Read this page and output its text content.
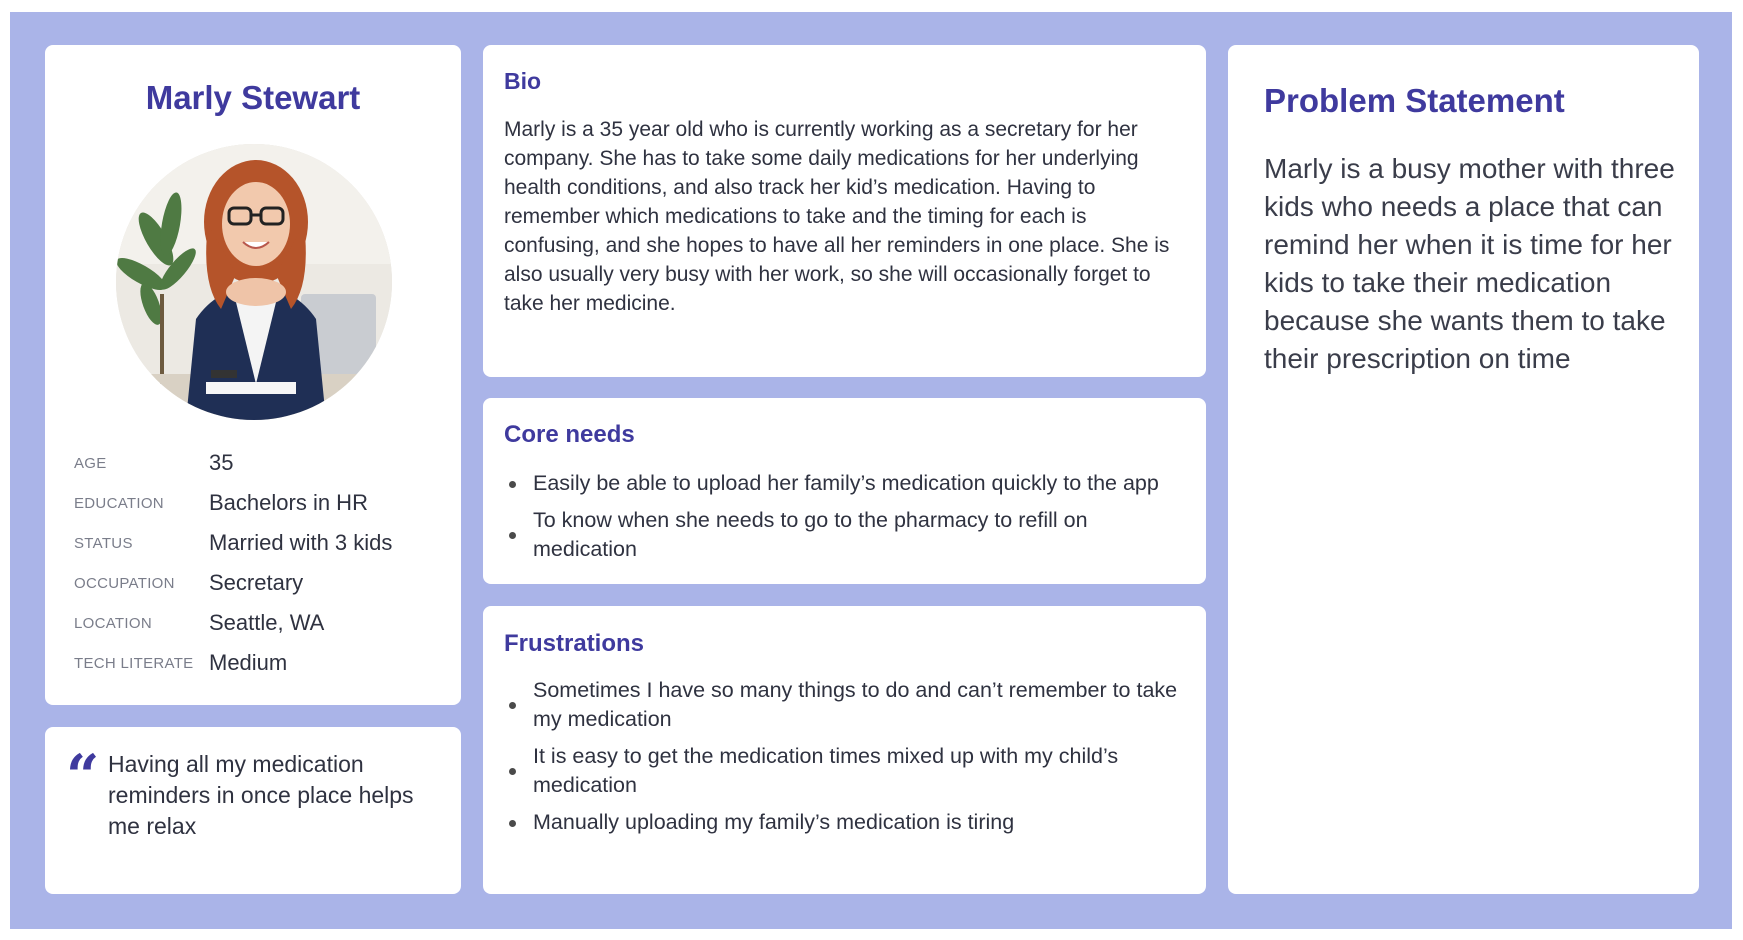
Marly Stewart
AGE	35
EDUCATION	Bachelors in HR
STATUS	Married with 3 kids
OCCUPATION	Secretary
LOCATION	Seattle, WA
TECH LITERATE Medium
“ Having all my medication reminders in once place helps me relax
Bio
Marly is a 35 year old who is currently working as a secretary for her company. She has to take some daily medications for her underlying health conditions, and also track her kid’s medication. Having to remember which medications to take and the timing for each is confusing, and she hopes to have all her reminders in one place. She is also usually very busy with her work, so she will occasionally forget to take her medicine.
Core needs
Easily be able to upload her family’s medication quickly to the app
To know when she needs to go to the pharmacy to refill on medication
Frustrations
Sometimes I have so many things to do and can’t remember to take my medication
It is easy to get the medication times mixed up with my child’s medication
Manually uploading my family’s medication is tiring
Problem Statement
Marly is a busy mother with three kids who needs a place that can remind her when it is time for her kids to take their medication because she wants them to take their prescription on time
